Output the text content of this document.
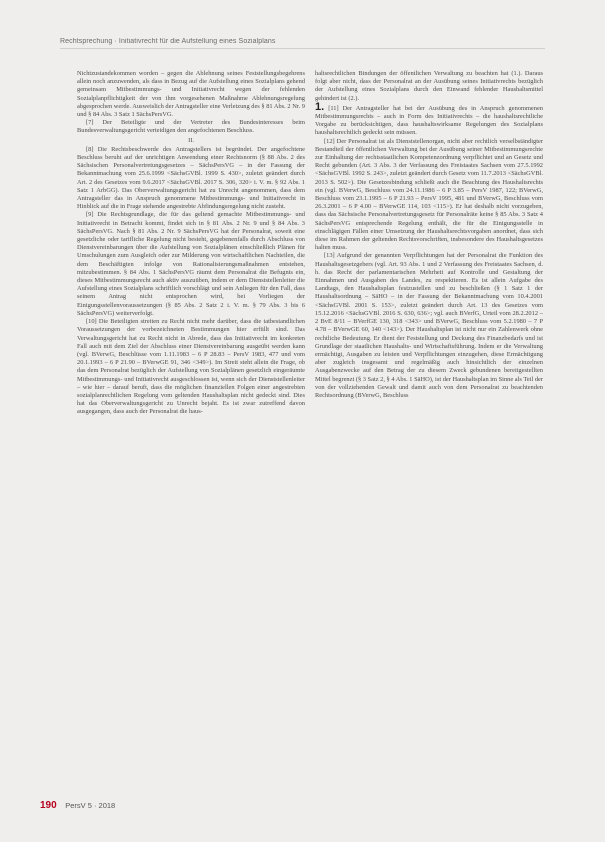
Rechtsprechung · Initiativrecht für die Aufstellung eines Sozialplans

Nichtzustandekommen worden – gegen die Ablehnung seines Feststellungsbegehrens allein noch anzuwenden, als dass in Bezug auf die Aufstellung eines Sozialplans gehend gemeinsam Mitbestimmungs- und Initiativrecht wegen der fehlenden Sozialplanpflichtigkeit der von ihm vorgesehenen Maßnahme Ablehnungsregelung abgesprochen werde. Ausweislich der Antragsteller eine Verletzung des § 81 Abs. 2 Nr. 9 und § 84 Abs. 3 Satz 1 SächsPersVG.

[7] Der Beteiligte und der Vertreter des Bundesinteresses beim Bundesverwaltungsgericht verteidigen den angefochtenen Beschluss.

II.

[8] Die Rechtsbeschwerde des Antragstellers ist begründet. Der angefochtene Beschluss beruht auf der unrichtigen Anwendung einer Rechtsnorm (§ 88 Abs. 2 des Sächsischen Personalvertretungsgesetzes – SächsPersVG – in der Fassung der Bekanntmachung vom 25.6.1999 <SächsGVBl. 1999 S. 430>, zuletzt geändert durch Art. 2 des Gesetzes vom 9.6.2017 <SächsGVBl. 2017 S. 306, 320> i. V. m. § 92 Abs. 1 Satz 1 ArbGG). Das Oberverwaltungsgericht hat zu Unrecht angenommen, dass dem Antragsteller das in Anspruch genommene Mitbestimmungs- und Initiativrecht in Hinblick auf die in Frage stehende angestrebte Abfindungsregelung nicht zusteht.

[9] Die Rechtsgrundlage, die für das geltend gemachte Mitbestimmungs- und Initiativrecht in Betracht kommt, findet sich in § 81 Abs. 2 Nr. 9 und § 84 Abs. 3 SächsPersVG. Nach § 81 Abs. 2 Nr. 9 SächsPersVG hat der Personalrat, soweit eine gesetzliche oder tarifliche Regelung nicht besteht, gegebenenfalls durch Abschluss von Dienstvereinbarungen über die Aufstellung von Sozialplänen einschließlich Plänen für Umschulungen zum Ausgleich oder zur Milderung von wirtschaftlichen Nachteilen, die dem Beschäftigten infolge von Rationalisierungsmaßnahmen entstehen, mitzubestimmen. § 84 Abs. 1 SächsPersVG räumt dem Personalrat die Befugnis ein, dieses Mitbestimmungsrecht auch aktiv auszuüben, indem er dem Dienststellenleiter die Aufstellung eines Sozialplans schriftlich vorschlägt und sein Anliegen für den Fall, dass seinem Antrag nicht entsprochen wird, bei Vorliegen der Einigungsstellenvoraussetzungen (§ 85 Abs. 2 Satz 2 i. V. m. § 79 Abs. 3 bis 6 SächsPersVG) weiterverfolgt.

[10] Die Beteiligten streiten zu Recht nicht mehr darüber, dass die tatbestandlichen Voraussetzungen der vorbezeichneten Bestimmungen hier erfüllt sind. Das Verwaltungsgericht hat zu Recht nicht in Abrede, dass das Initiativrecht im konkreten Fall auch mit dem Ziel der Abschluss einer Dienstvereinbarung ausgeübt werden kann (vgl. BVerwG, Beschlüsse vom 1.11.1983 – 6 P 28.83 – PersV 1983, 477 und vom 20.1.1993 – 6 P 21.90 – BVerwGE 91, 346 <349>). Im Streit steht allein die Frage, ob das dem Personalrat bezüglich der Aufstellung von Sozialplänen gesetzlich eingeräumte Mitbestimmungs- und Initiativrecht ausgeschlossen ist, wenn sich der Dienststellenleiter – wie hier – darauf beruft, dass die möglichen finanziellen Folgen einer angestrebten sozialplanrechtlichen Regelung vom geltenden Haushaltsplan nicht gedeckt sind. Dies hat das Oberverwaltungsgericht zu Unrecht bejaht. Es ist zwar zutreffend davon ausgegangen, dass auch der Personalrat die haus-

haltsrechtlichen Bindungen der öffentlichen Verwaltung zu beachten hat (1.). Daraus folgt aber nicht, dass der Personalrat an der Ausübung seines Initiativrechts bezüglich der Aufstellung eines Sozialplans durch den Einwand fehlender Haushaltsmittel gehindert ist (2.).

1. [11] Der Antragsteller hat bei der Ausübung des in Anspruch genommenen Mitbestimmungsrechts – auch in Form des Initiativrechts – die haushaltsrechtliche Vorgabe zu berücksichtigen, dass haushaltswirksame Regelungen des Sozialplans haushaltsrechtlich gedeckt sein müssen.

[12] Der Personalrat ist als Dienststellenorgan, nicht aber rechtlich verselbständigter Bestandteil der öffentlichen Verwaltung bei der Ausübung seiner Mitbestimmungsrechte zur Einhaltung der rechtsstaatlichen Kompetenzordnung verpflichtet und an Gesetz und Recht gebunden (Art. 3 Abs. 3 der Verfassung des Freistaates Sachsen vom 27.5.1992 <SächsGVBl. 1992 S. 243>, zuletzt geändert durch Gesetz vom 11.7.2013 <SächsGVBl. 2013 S. 502>). Die Gesetzesbindung schließt auch die Beachtung des Haushaltsrechts ein (vgl. BVerwG, Beschluss vom 24.11.1986 – 6 P 3.85 – PersV 1987, 122; BVerwG, Beschluss vom 23.1.1995 – 6 P 21.93 – PersV 1995, 481 und BVerwG, Beschluss vom 26.3.2001 – 6 P 4.00 – BVerwGE 114, 103 <115>). Er hat deshalb nicht vorzugeben, dass das Sächsische Personalvertretungsgesetz für Personalräte keine § 85 Abs. 3 Satz 4 SächsPersVG entsprechende Regelung enthält, die für die Einigungsstelle in einschlägigen Fällen einer Umsetzung der Haushaltsrechtsvorgaben anordnet, dass sich diese im Rahmen der geltenden Rechtsvorschriften, insbesondere des Haushaltsgesetzes halten muss.

[13] Aufgrund der genannten Verpflichtungen hat der Personalrat die Funktion des Haushaltsgesetzgebers (vgl. Art. 93 Abs. 1 und 2 Verfassung des Freistaates Sachsen, d. h. das Recht der parlamentarischen Mehrheit auf Kontrolle und Gestaltung der Einnahmen und Ausgaben des Landes, zu respektieren. Es ist allein Aufgabe des Landtags, den Haushaltsplan festzustellen und zu beschließen (§ 1 Satz 1 der Haushaltsordnung – SäHO – in der Fassung der Bekanntmachung vom 10.4.2001 <SächsGVBl. 2001 S. 153>, zuletzt geändert durch Art. 13 des Gesetzes vom 15.12.2016 <SächsGVBl. 2016 S. 630, 636>; vgl. auch BVerfG, Urteil vom 28.2.2012 – 2 BvE 8/11 – BVerfGE 130, 318 <343> und BVerwG, Beschluss vom 5.2.1980 – 7 P 4.78 – BVerwGE 60, 140 <143>). Der Haushaltsplan ist nicht nur ein Zahlenwerk ohne rechtliche Bedeutung. Er dient der Feststellung und Deckung des Finanzbedarfs und ist Grundlage der staatlichen Haushalts- und Wirtschaftsführung. Indem er die Verwaltung ermächtigt, Ausgaben zu leisten und Verpflichtungen einzugehen, diese Ermächtigung aber zugleich insgesamt und regelmäßig auch hinsichtlich der einzelnen Ausgabenzwecke auf den Betrag der zu diesem Zweck gebundenen bereitgestellten Mittel begrenzt (§ 3 Satz 2, § 4 Abs. 1 SäHO), ist der Haushaltsplan im Sinne als Teil der von der vollziehenden Gewalt und damit auch von dem Personalrat zu beachtenden Rechtsordnung (BVerwG, Beschluss

190 PersV 5 · 2018
